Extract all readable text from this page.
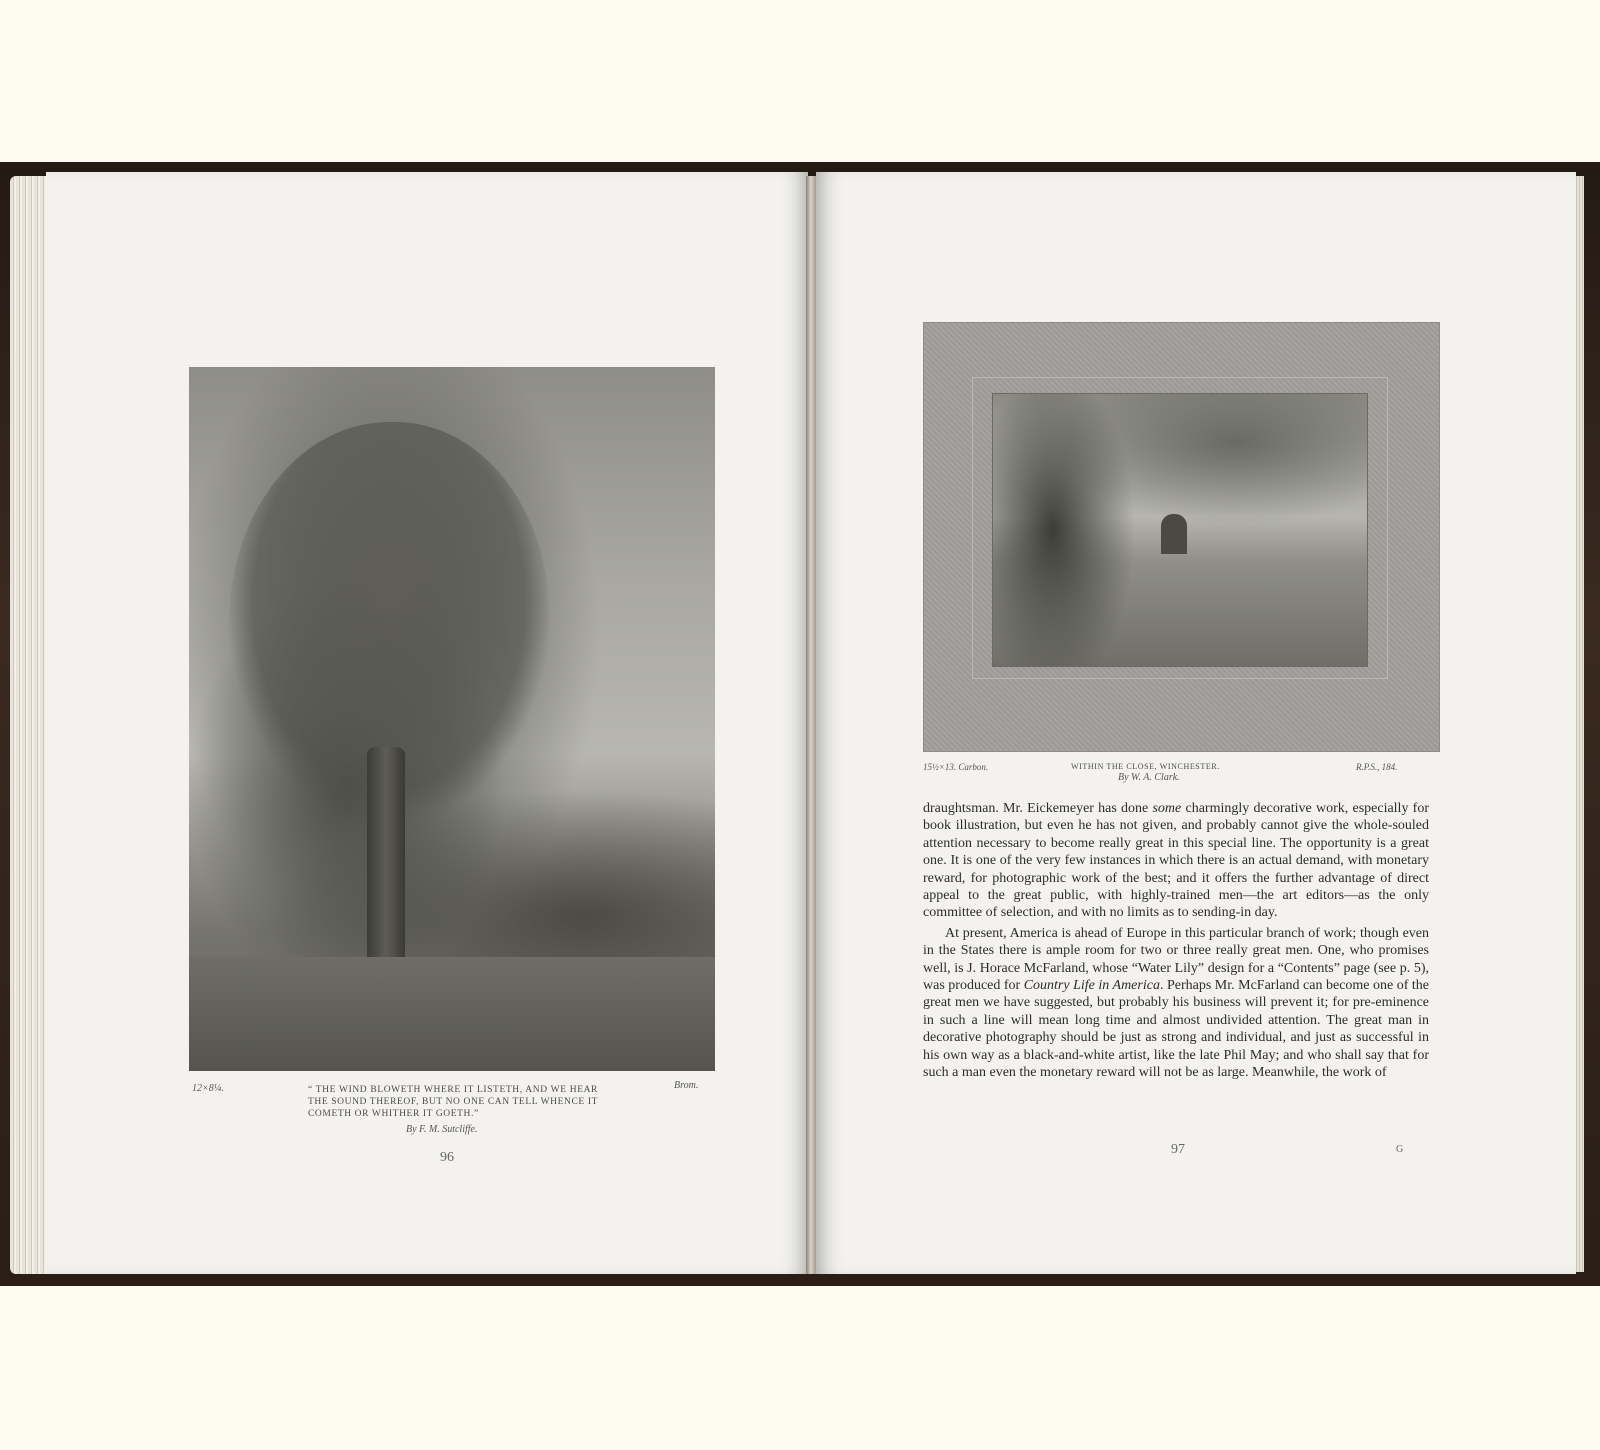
12×8¼.	Brom.
“ THE WIND BLOWETH WHERE IT LISTETH, AND WE HEAR THE SOUND THEREOF, BUT NO ONE CAN TELL WHENCE IT COMETH OR WHITHER IT GOETH.”
By F. M. Sutcliffe.
96
15½×13. Carbon.	WITHIN THE CLOSE, WINCHESTER.	R.P.S., 184.
By W. A. Clark.

draughtsman. Mr. Eickemeyer has done some charmingly decorative work, especially for book illustration, but even he has not given, and probably cannot give the whole-souled attention necessary to become really great in this special line. The opportunity is a great one. It is one of the very few instances in which there is an actual demand, with monetary reward, for photographic work of the best; and it offers the further advantage of direct appeal to the great public, with highly-trained men—the art editors—as the only committee of selection, and with no limits as to sending-in day.

At present, America is ahead of Europe in this particular branch of work; though even in the States there is ample room for two or three really great men. One, who promises well, is J. Horace McFarland, whose “Water Lily” design for a “Contents” page (see p. 5), was produced for Country Life in America. Perhaps Mr. McFarland can become one of the great men we have suggested, but probably his business will prevent it; for pre-eminence in such a line will mean long time and almost undivided attention. The great man in decorative photography should be just as strong and individual, and just as successful in his own way as a black-and-white artist, like the late Phil May; and who shall say that for such a man even the monetary reward will not be as large. Meanwhile, the work of

97	G
